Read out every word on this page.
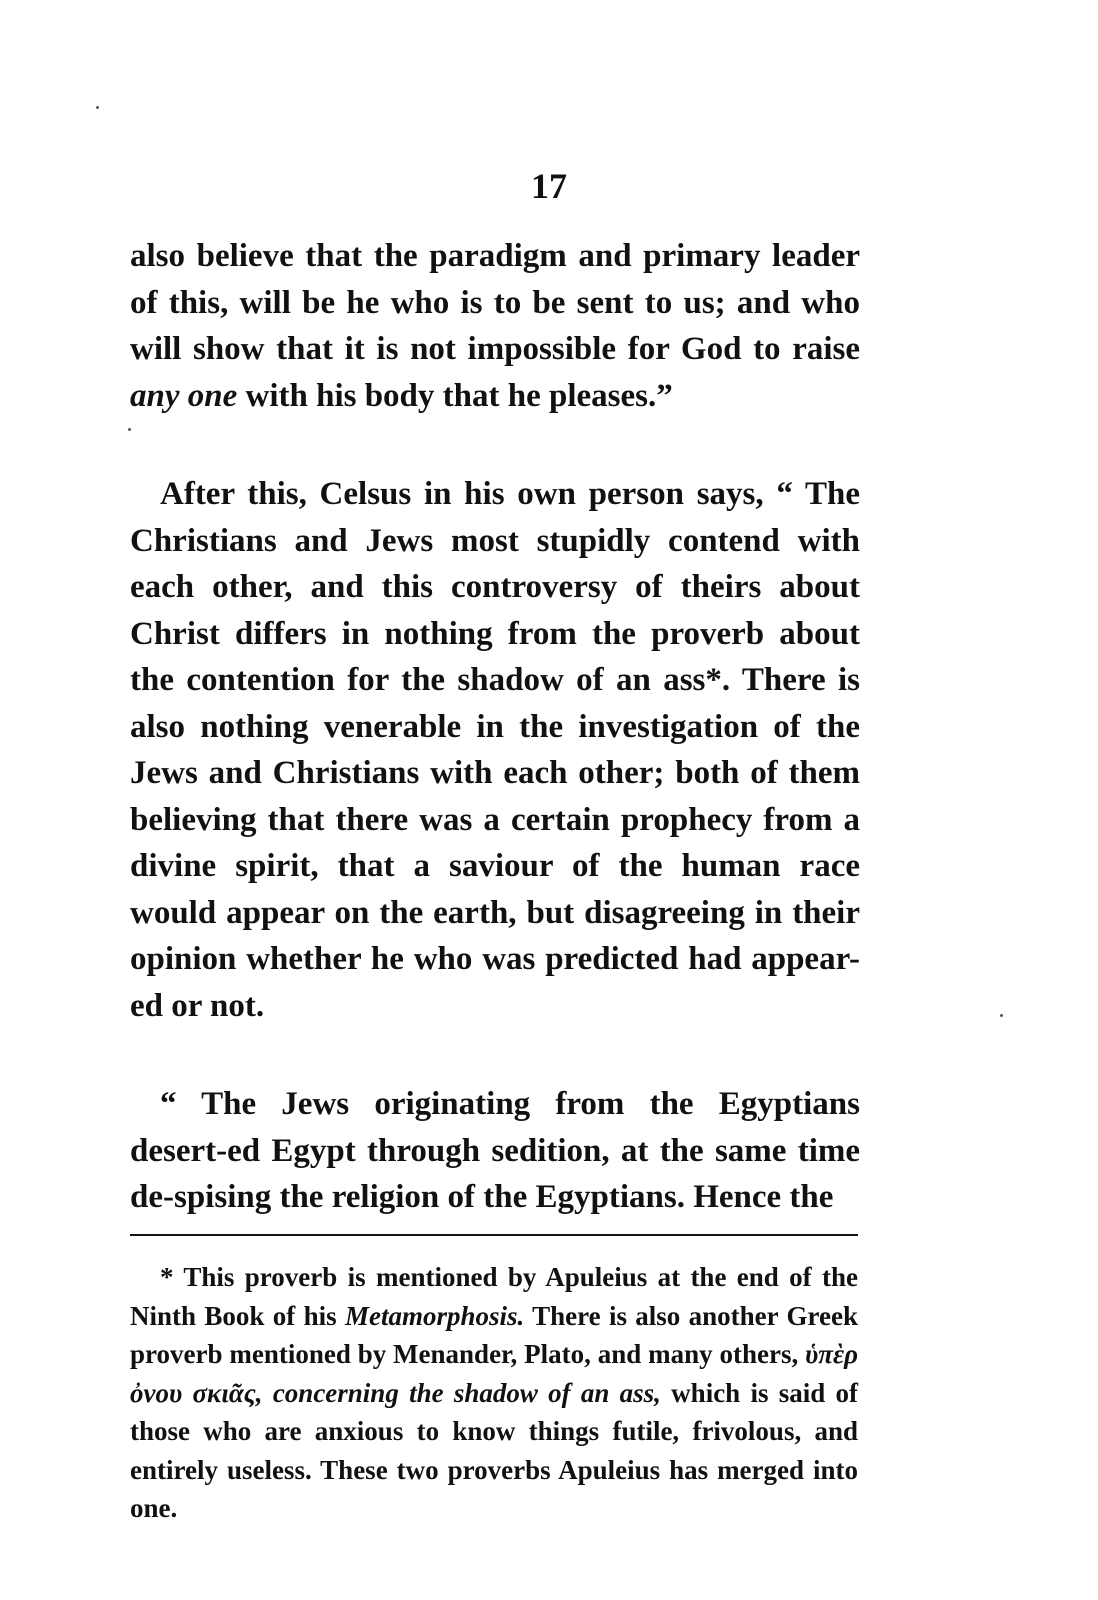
17

also believe that the paradigm and primary leader of this, will be he who is to be sent to us; and who will show that it is not impossible for God to raise any one with his body that he pleases.”

After this, Celsus in his own person says, “ The Christians and Jews most stupidly contend with each other, and this controversy of theirs about Christ differs in nothing from the proverb about the contention for the shadow of an ass*. There is also nothing venerable in the investigation of the Jews and Christians with each other; both of them believing that there was a certain prophecy from a divine spirit, that a saviour of the human race would appear on the earth, but disagreeing in their opinion whether he who was predicted had appear-ed or not.

“ The Jews originating from the Egyptians desert-ed Egypt through sedition, at the same time de-spising the religion of the Egyptians. Hence the

* This proverb is mentioned by Apuleius at the end of the Ninth Book of his Metamorphosis. There is also another Greek proverb mentioned by Menander, Plato, and many others, ὑπὲρ ὀνου σκιᾶς, concerning the shadow of an ass, which is said of those who are anxious to know things futile, frivolous, and entirely useless. These two proverbs Apuleius has merged into one.
